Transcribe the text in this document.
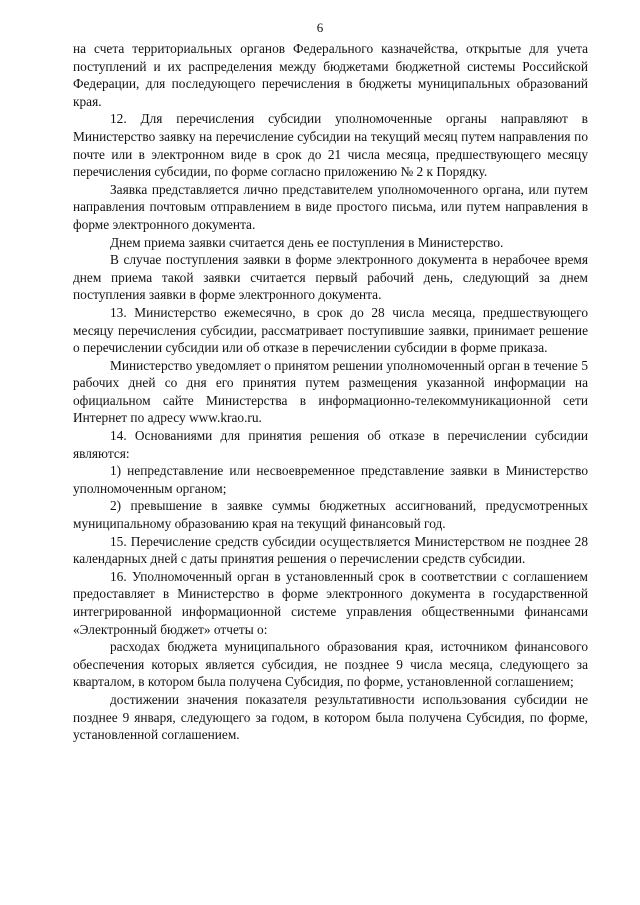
6

на счета территориальных органов Федерального казначейства, открытые для учета поступлений и их распределения между бюджетами бюджетной системы Российской Федерации, для последующего перечисления в бюджеты муниципальных образований края.

12. Для перечисления субсидии уполномоченные органы направляют в Министерство заявку на перечисление субсидии на текущий месяц путем направления по почте или в электронном виде в срок до 21 числа месяца, предшествующего месяцу перечисления субсидии, по форме согласно приложению № 2 к Порядку.

Заявка представляется лично представителем уполномоченного органа, или путем направления почтовым отправлением в виде простого письма, или путем направления в форме электронного документа.

Днем приема заявки считается день ее поступления в Министерство.

В случае поступления заявки в форме электронного документа в нерабочее время днем приема такой заявки считается первый рабочий день, следующий за днем поступления заявки в форме электронного документа.

13. Министерство ежемесячно, в срок до 28 числа месяца, предшествующего месяцу перечисления субсидии, рассматривает поступившие заявки, принимает решение о перечислении субсидии или об отказе в перечислении субсидии в форме приказа.

Министерство уведомляет о принятом решении уполномоченный орган в течение 5 рабочих дней со дня его принятия путем размещения указанной информации на официальном сайте Министерства в информационно-телекоммуникационной сети Интернет по адресу www.krao.ru.

14. Основаниями для принятия решения об отказе в перечислении субсидии являются:

1) непредставление или несвоевременное представление заявки в Министерство уполномоченным органом;

2) превышение в заявке суммы бюджетных ассигнований, предусмотренных муниципальному образованию края на текущий финансовый год.

15. Перечисление средств субсидии осуществляется Министерством не позднее 28 календарных дней с даты принятия решения о перечислении средств субсидии.

16. Уполномоченный орган в установленный срок в соответствии с соглашением предоставляет в Министерство в форме электронного документа в государственной интегрированной информационной системе управления общественными финансами «Электронный бюджет» отчеты о:

расходах бюджета муниципального образования края, источником финансового обеспечения которых является субсидия, не позднее 9 числа месяца, следующего за кварталом, в котором была получена Субсидия, по форме, установленной соглашением;

достижении значения показателя результативности использования субсидии не позднее 9 января, следующего за годом, в котором была получена Субсидия, по форме, установленной соглашением.
